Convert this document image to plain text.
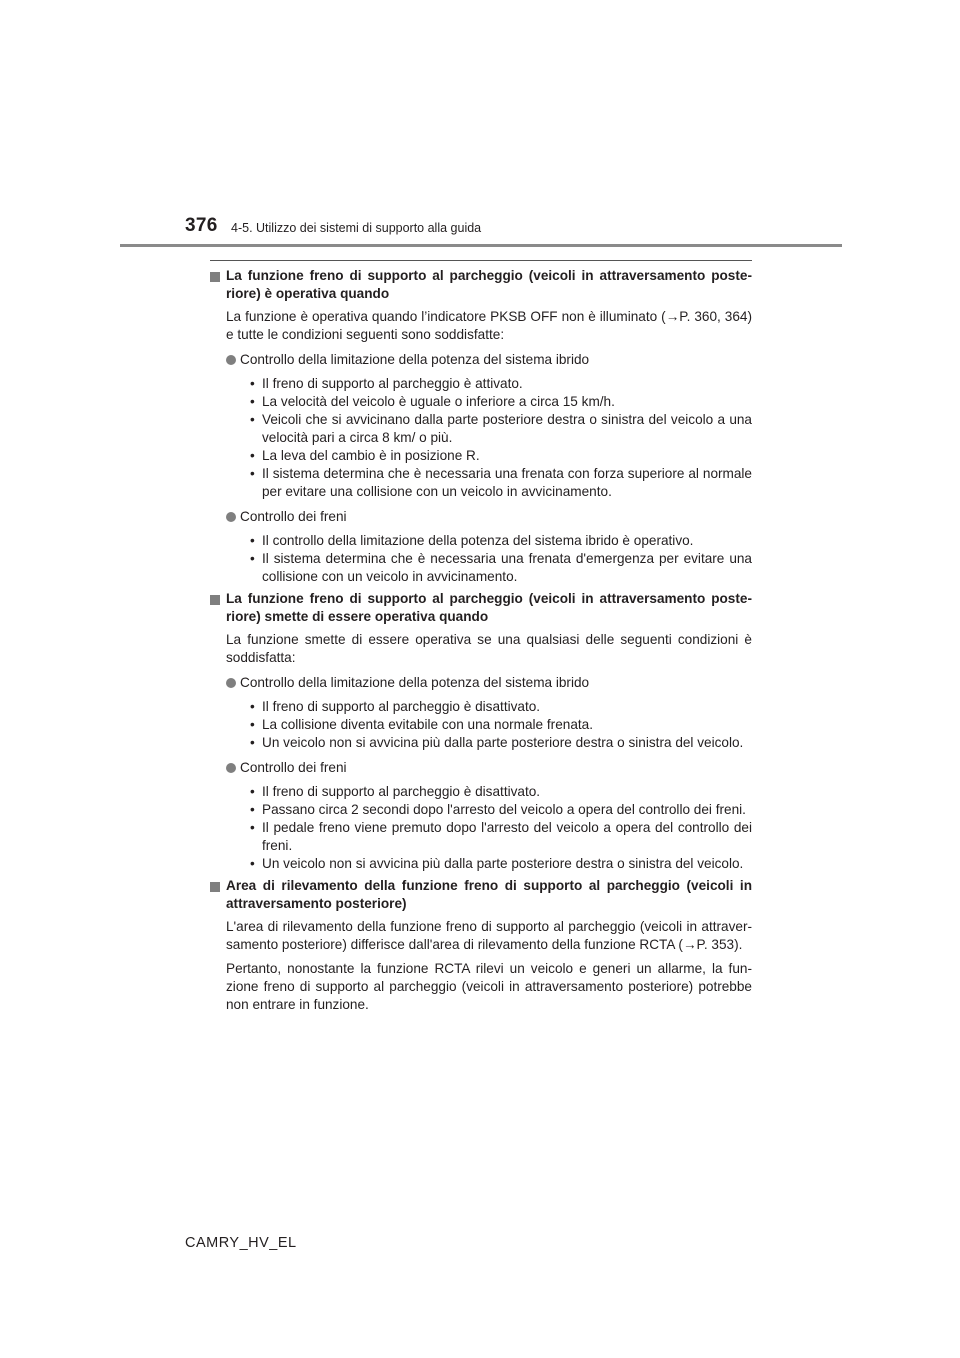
376 4-5. Utilizzo dei sistemi di supporto alla guida
La funzione freno di supporto al parcheggio (veicoli in attraversamento poste-riore) è operativa quando
La funzione è operativa quando l’indicatore PKSB OFF non è illuminato (→P. 360, 364) e tutte le condizioni seguenti sono soddisfatte:
Controllo della limitazione della potenza del sistema ibrido
• Il freno di supporto al parcheggio è attivato.
• La velocità del veicolo è uguale o inferiore a circa 15 km/h.
• Veicoli che si avvicinano dalla parte posteriore destra o sinistra del veicolo a una velocità pari a circa 8 km/ o più.
• La leva del cambio è in posizione R.
• Il sistema determina che è necessaria una frenata con forza superiore al normale per evitare una collisione con un veicolo in avvicinamento.
Controllo dei freni
• Il controllo della limitazione della potenza del sistema ibrido è operativo.
• Il sistema determina che è necessaria una frenata d'emergenza per evitare una collisione con un veicolo in avvicinamento.
La funzione freno di supporto al parcheggio (veicoli in attraversamento poste-riore) smette di essere operativa quando
La funzione smette di essere operativa se una qualsiasi delle seguenti condizioni è soddisfatta:
Controllo della limitazione della potenza del sistema ibrido
• Il freno di supporto al parcheggio è disattivato.
• La collisione diventa evitabile con una normale frenata.
• Un veicolo non si avvicina più dalla parte posteriore destra o sinistra del veicolo.
Controllo dei freni
• Il freno di supporto al parcheggio è disattivato.
• Passano circa 2 secondi dopo l'arresto del veicolo a opera del controllo dei freni.
• Il pedale freno viene premuto dopo l'arresto del veicolo a opera del controllo dei freni.
• Un veicolo non si avvicina più dalla parte posteriore destra o sinistra del veicolo.
Area di rilevamento della funzione freno di supporto al parcheggio (veicoli in attraversamento posteriore)
L'area di rilevamento della funzione freno di supporto al parcheggio (veicoli in attraver-samento posteriore) differisce dall'area di rilevamento della funzione RCTA (→P. 353).
Pertanto, nonostante la funzione RCTA rilevi un veicolo e generi un allarme, la fun-zione freno di supporto al parcheggio (veicoli in attraversamento posteriore) potrebbe non entrare in funzione.
CAMRY_HV_EL
